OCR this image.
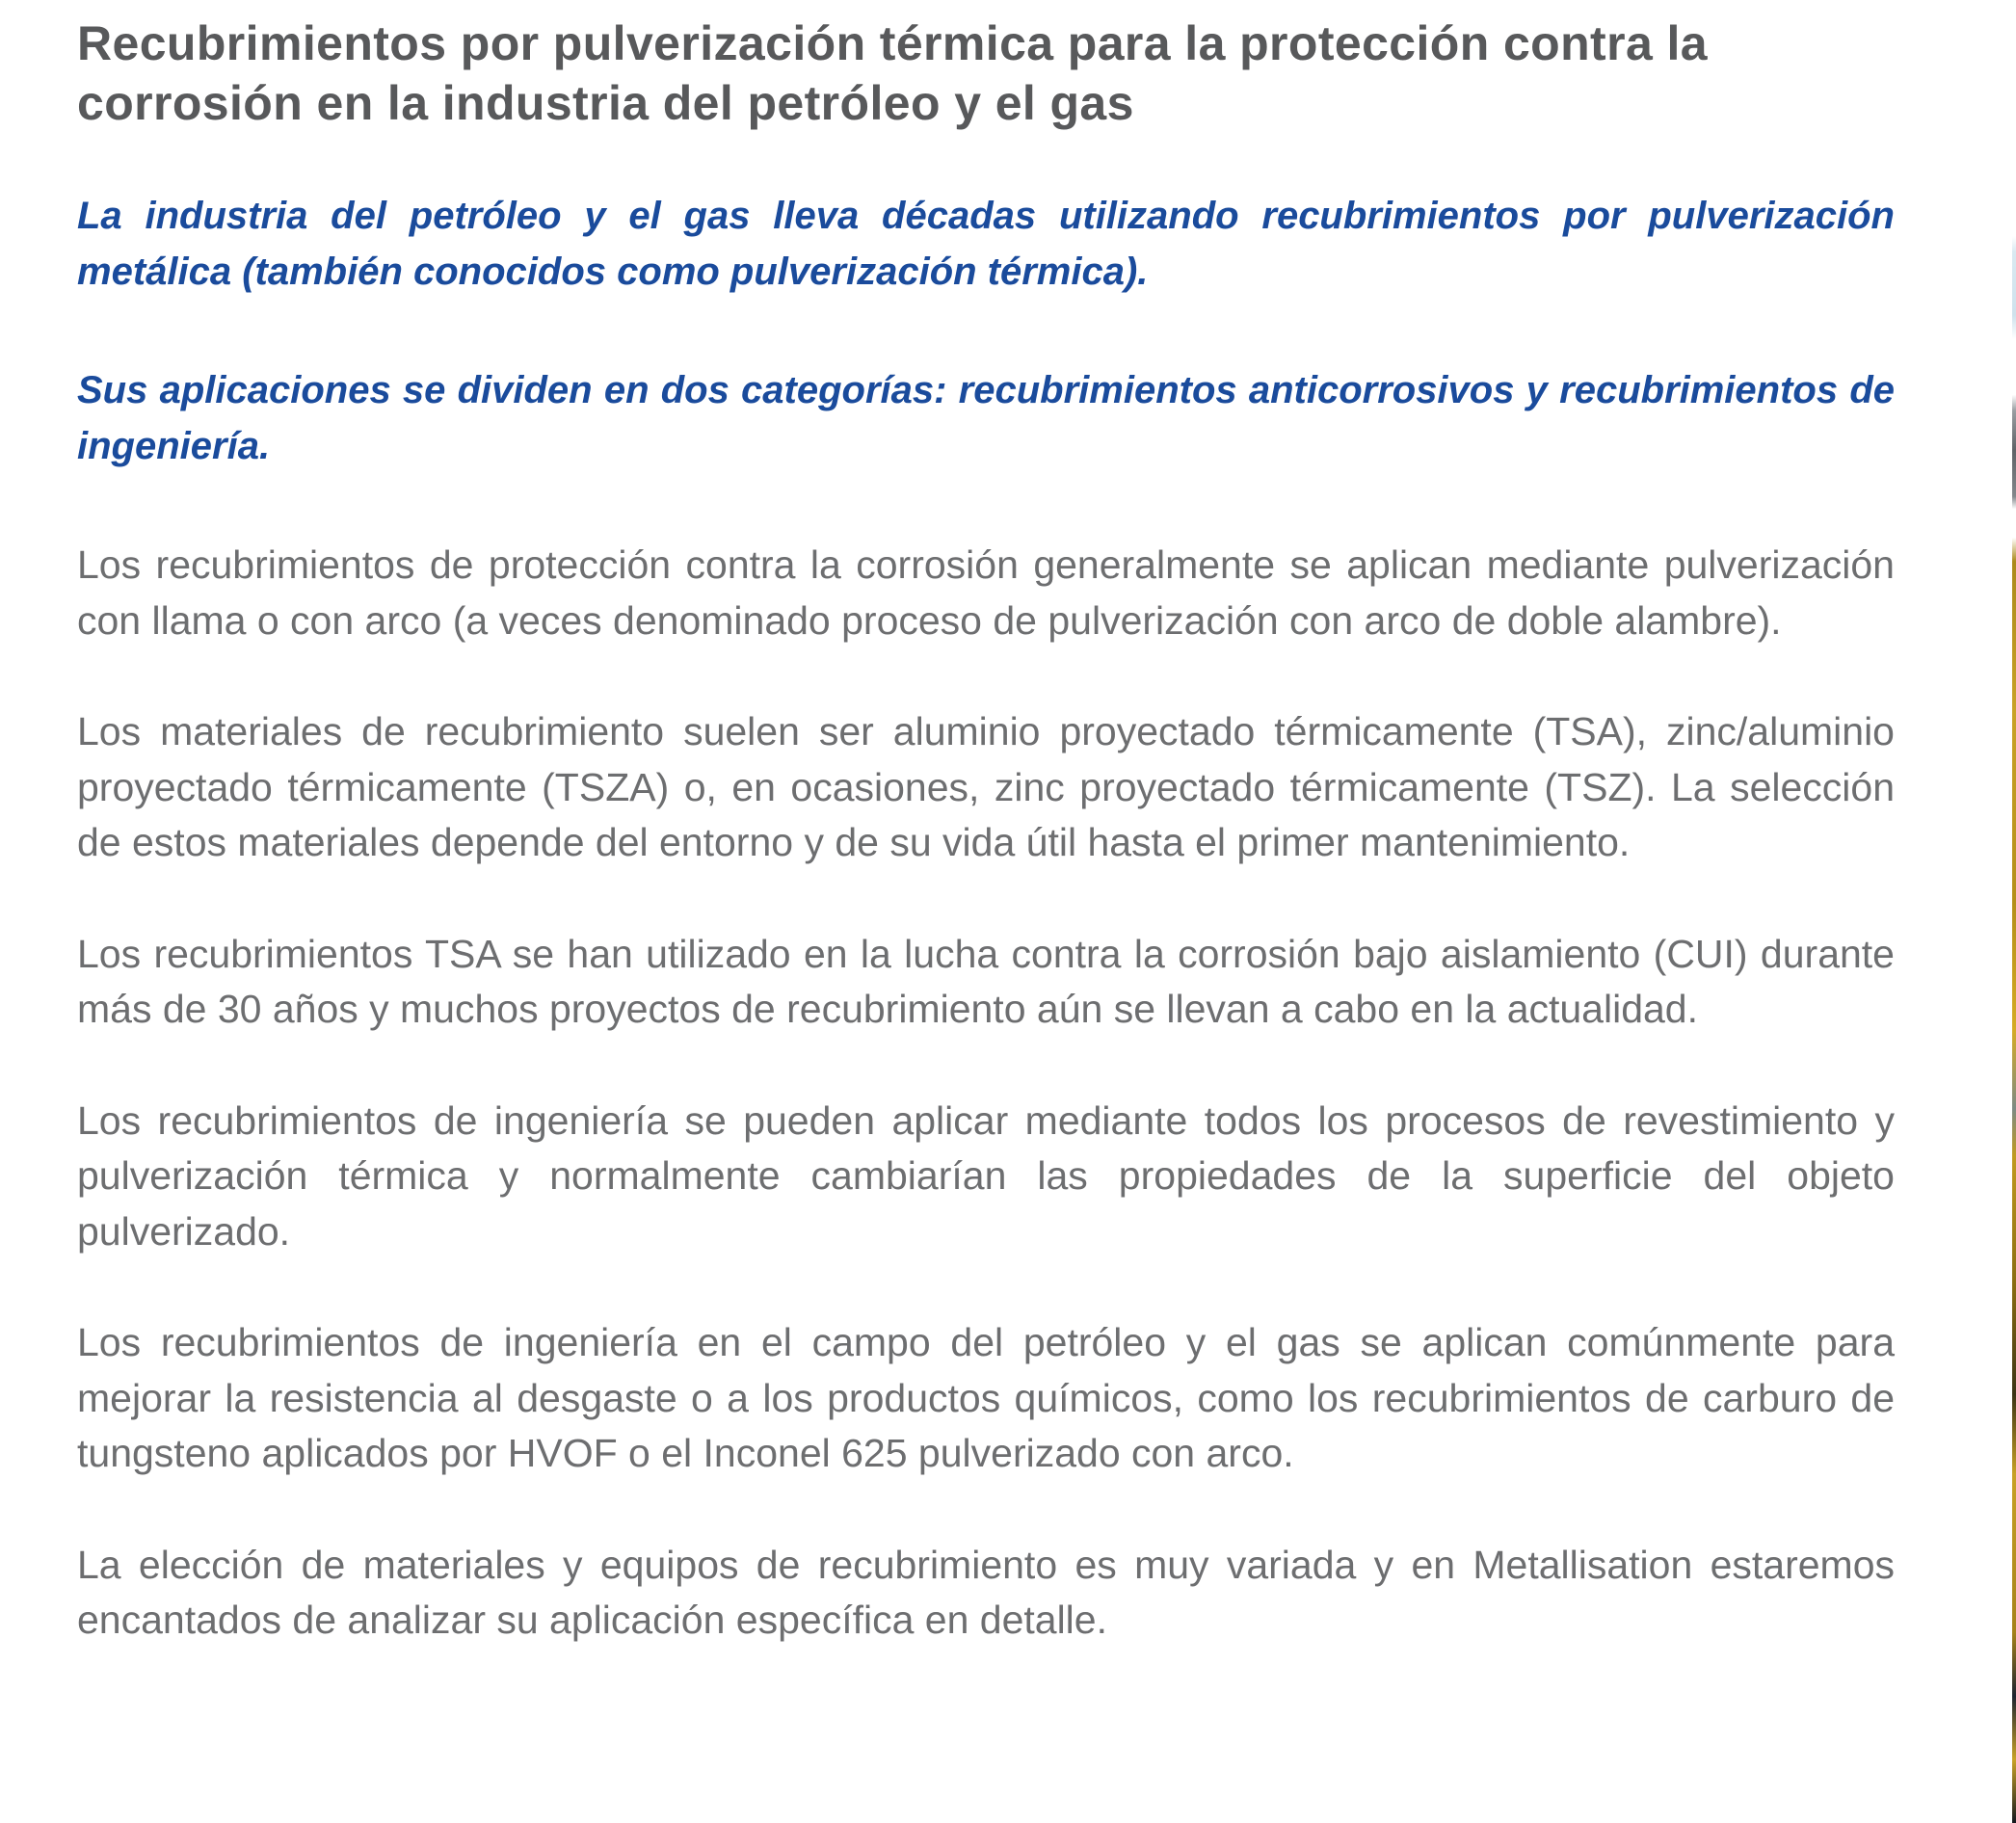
Recubrimientos por pulverización térmica para la protección contra la corrosión en la industria del petróleo y el gas

La industria del petróleo y el gas lleva décadas utilizando recubrimientos por pulverización metálica (también conocidos como pulverización térmica).

Sus aplicaciones se dividen en dos categorías: recubrimientos anticorrosivos y recubrimientos de ingeniería.

Los recubrimientos de protección contra la corrosión generalmente se aplican mediante pulverización con llama o con arco (a veces denominado proceso de pulverización con arco de doble alambre).

Los materiales de recubrimiento suelen ser aluminio proyectado térmicamente (TSA), zinc/aluminio proyectado térmicamente (TSZA) o, en ocasiones, zinc proyectado térmicamente (TSZ). La selección de estos materiales depende del entorno y de su vida útil hasta el primer mantenimiento.

Los recubrimientos TSA se han utilizado en la lucha contra la corrosión bajo aislamiento (CUI) durante más de 30 años y muchos proyectos de recubrimiento aún se llevan a cabo en la actualidad.

Los recubrimientos de ingeniería se pueden aplicar mediante todos los procesos de revestimiento y pulverización térmica y normalmente cambiarían las propiedades de la superficie del objeto pulverizado.

Los recubrimientos de ingeniería en el campo del petróleo y el gas se aplican comúnmente para mejorar la resistencia al desgaste o a los productos químicos, como los recubrimientos de carburo de tungsteno aplicados por HVOF o el Inconel 625 pulverizado con arco.

La elección de materiales y equipos de recubrimiento es muy variada y en Metallisation estaremos encantados de analizar su aplicación específica en detalle.
